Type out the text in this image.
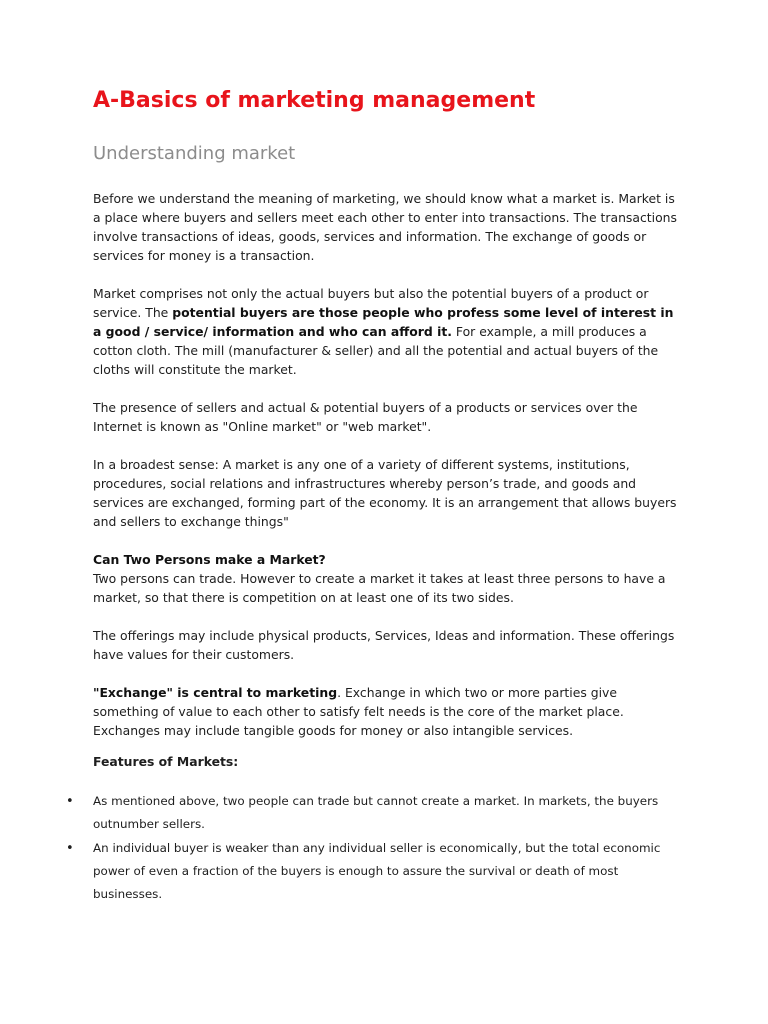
A-Basics of marketing management
Understanding market

Before we understand the meaning of marketing, we should know what a market is. Market is a place where buyers and sellers meet each other to enter into transactions. The transactions involve transactions of ideas, goods, services and information. The exchange of goods or services for money is a transaction.

Market comprises not only the actual buyers but also the potential buyers of a product or service. The potential buyers are those people who profess some level of interest in a good / service/ information and who can afford it. For example, a mill produces a cotton cloth. The mill (manufacturer & seller) and all the potential and actual buyers of the cloths will constitute the market.

The presence of sellers and actual & potential buyers of a products or services over the Internet is known as "Online market" or "web market".

In a broadest sense: A market is any one of a variety of different systems, institutions, procedures, social relations and infrastructures whereby person’s trade, and goods and services are exchanged, forming part of the economy. It is an arrangement that allows buyers and sellers to exchange things"

Can Two Persons make a Market?
Two persons can trade. However to create a market it takes at least three persons to have a market, so that there is competition on at least one of its two sides.

The offerings may include physical products, Services, Ideas and information. These offerings have values for their customers.

"Exchange" is central to marketing. Exchange in which two or more parties give something of value to each other to satisfy felt needs is the core of the market place. Exchanges may include tangible goods for money or also intangible services.

Features of Markets:

• As mentioned above, two people can trade but cannot create a market. In markets, the buyers outnumber sellers.
• An individual buyer is weaker than any individual seller is economically, but the total economic power of even a fraction of the buyers is enough to assure the survival or death of most businesses.
